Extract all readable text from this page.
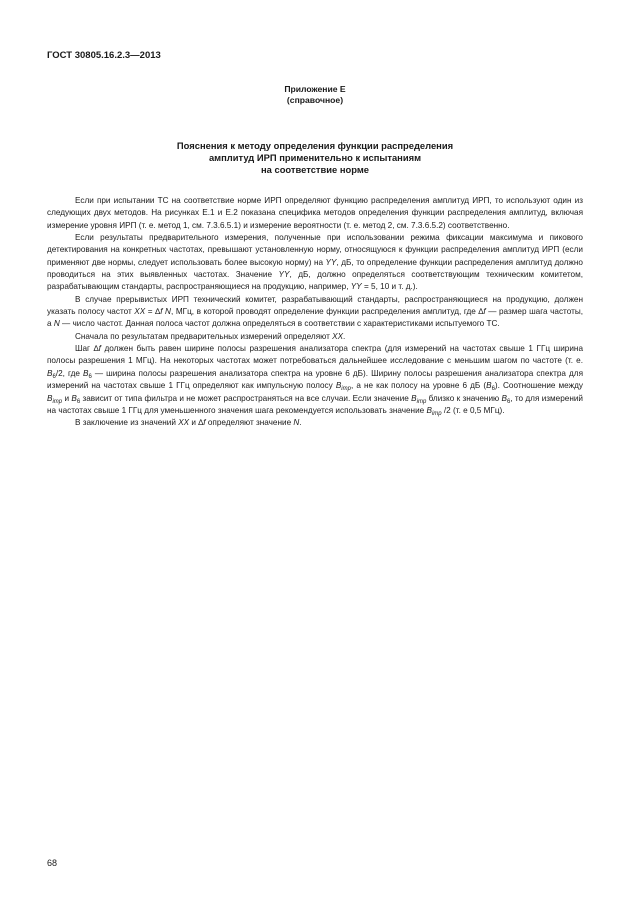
ГОСТ 30805.16.2.3—2013
Приложение Е
(справочное)
Пояснения к методу определения функции распределения
амплитуд ИРП применительно к испытаниям
на соответствие норме

Если при испытании ТС на соответствие норме ИРП определяют функцию распределения амплитуд ИРП, то используют один из следующих двух методов. На рисунках Е.1 и Е.2 показана специфика методов определения функции распределения амплитуд, включая измерение уровня ИРП (т. е. метод 1, см. 7.3.6.5.1) и измерение вероятности (т. е. метод 2, см. 7.3.6.5.2) соответственно.

Если результаты предварительного измерения, полученные при использовании режима фиксации максимума и пикового детектирования на конкретных частотах, превышают установленную норму, относящуюся к функции распределения амплитуд ИРП (если применяют две нормы, следует использовать более высокую норму) на YY, дБ, то определение функции распределения амплитуд должно проводиться на этих выявленных частотах. Значение YY, дБ, должно определяться соответствующим техническим комитетом, разрабатывающим стандарты, распространяющиеся на продукцию, например, YY = 5, 10 и т. д.).

В случае прерывистых ИРП технический комитет, разрабатывающий стандарты, распространяющиеся на продукцию, должен указать полосу частот XX = ∆f N, МГц, в которой проводят определение функции распределения амплитуд, где ∆f — размер шага частоты, а N — число частот. Данная полоса частот должна определяться в соответствии с характеристиками испытуемого ТС.

Сначала по результатам предварительных измерений определяют XX.

Шаг ∆f должен быть равен ширине полосы разрешения анализатора спектра (для измерений на частотах свыше 1 ГГц ширина полосы разрешения 1 МГц). На некоторых частотах может потребоваться дальнейшее исследование с меньшим шагом по частоте (т. е. $B_6/2$, где $B_6$ — ширина полосы разрешения анализатора спектра на уровне 6 дБ). Ширину полосы разрешения анализатора спектра для измерений на частотах свыше 1 ГГц определяют как импульсную полосу $B_{imp}$, а не как полосу на уровне 6 дБ $(B_6)$. Соотношение между $B_{imp}$ и $B_6$ зависит от типа фильтра и не может распространяться на все случаи. Если значение $B_{imp}$ близко к значению $B_6$, то для измерений на частотах свыше 1 ГГц для уменьшенного значения шага рекомендуется использовать значение $B_{imp}$ /2 (т. е 0,5 МГц).

В заключение из значений XX и ∆f определяют значение N.

68
